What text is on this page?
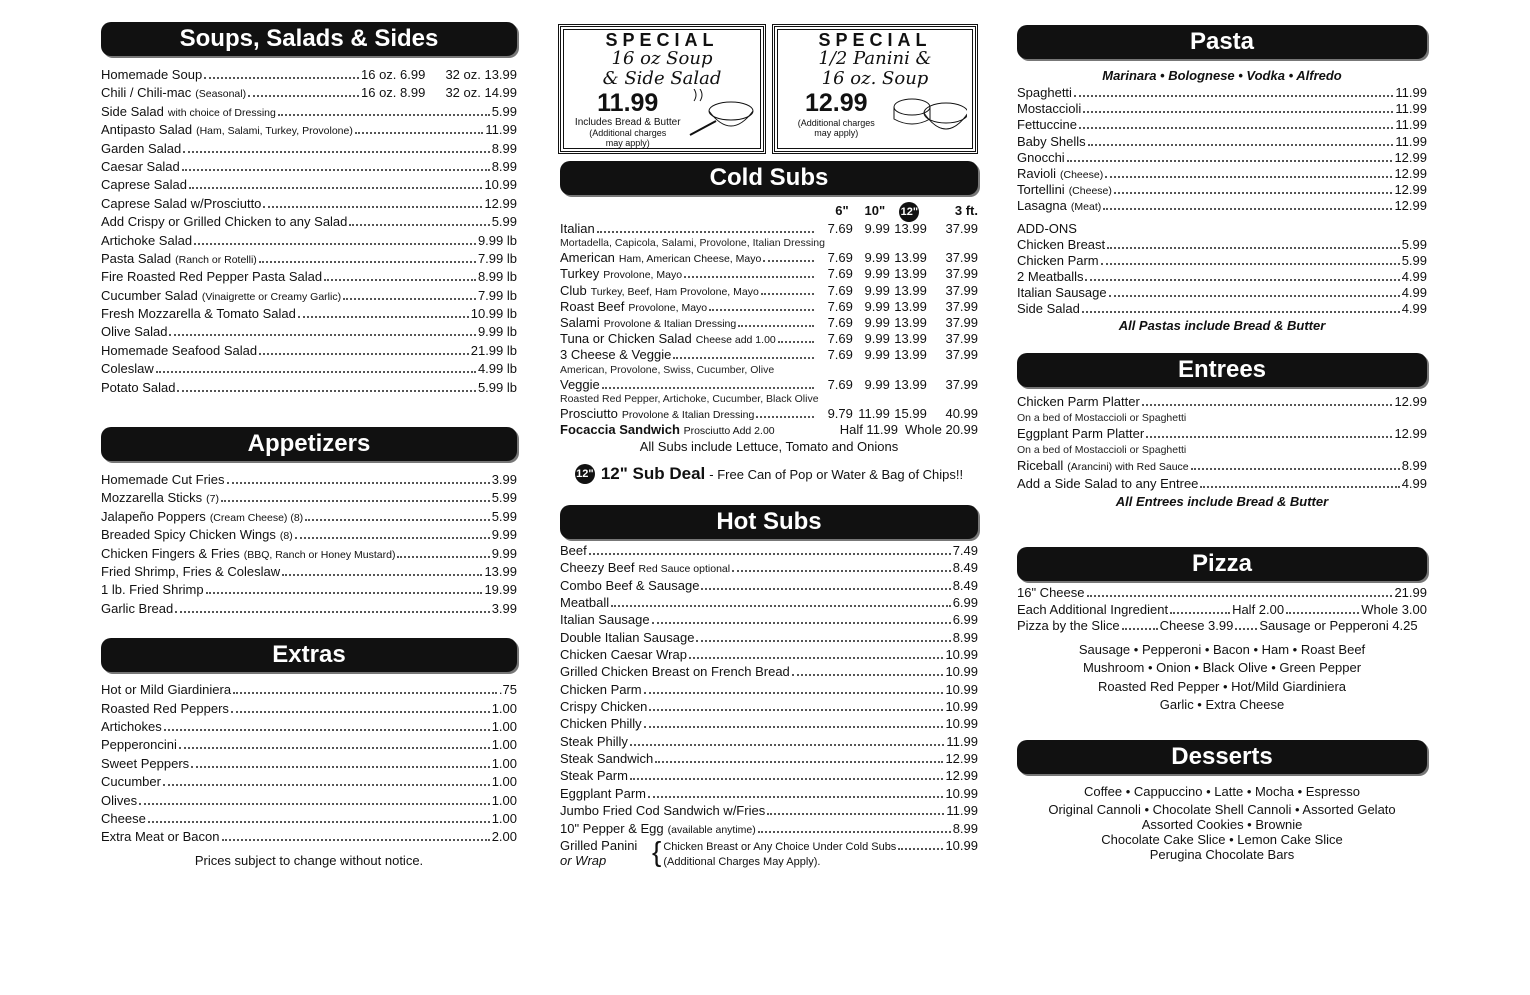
Soups, Salads & Sides
Homemade Soup	16 oz. 6.99	32 oz. 13.99
Chili / Chili-mac (Seasonal)	16 oz. 8.99	32 oz. 14.99
Side Salad with choice of Dressing	5.99
Antipasto Salad (Ham, Salami, Turkey, Provolone)	11.99
Garden Salad	8.99
Caesar Salad	8.99
Caprese Salad	10.99
Caprese Salad w/Prosciutto	12.99
Add Crispy or Grilled Chicken to any Salad	5.99
Artichoke Salad	9.99 lb
Pasta Salad (Ranch or Rotelli)	7.99 lb
Fire Roasted Red Pepper Pasta Salad	8.99 lb
Cucumber Salad (Vinaigrette or Creamy Garlic)	7.99 lb
Fresh Mozzarella & Tomato Salad	10.99 lb
Olive Salad	9.99 lb
Homemade Seafood Salad	21.99 lb
Coleslaw	4.99 lb
Potato Salad	5.99 lb
Appetizers
Homemade Cut Fries	3.99
Mozzarella Sticks (7)	5.99
Jalapeño Poppers (Cream Cheese) (8)	5.99
Breaded Spicy Chicken Wings (8)	9.99
Chicken Fingers & Fries (BBQ, Ranch or Honey Mustard)	9.99
Fried Shrimp, Fries & Coleslaw	13.99
1 lb. Fried Shrimp	19.99
Garlic Bread	3.99
Extras
Hot or Mild Giardiniera	.75
Roasted Red Peppers	1.00
Artichokes	1.00
Pepperoncini	1.00
Sweet Peppers	1.00
Cucumber	1.00
Olives	1.00
Cheese	1.00
Extra Meat or Bacon	2.00
Prices subject to change without notice.
SPECIAL
16 oz Soup
& Side Salad
11.99
Includes Bread & Butter
(Additional charges
may apply)
SPECIAL
1/2 Panini &
16 oz. Soup
12.99
(Additional charges
may apply)
Cold Subs
6"	10"	12"	3 ft.
Italian	7.69 9.99 13.99	37.99
Mortadella, Capicola, Salami, Provolone, Italian Dressing
American Ham, American Cheese, Mayo	7.69 9.99 13.99	37.99
Turkey Provolone, Mayo	7.69 9.99 13.99	37.99
Club Turkey, Beef, Ham Provolone, Mayo	7.69 9.99 13.99	37.99
Roast Beef Provolone, Mayo	7.69 9.99 13.99	37.99
Salami Provolone & Italian Dressing	7.69 9.99 13.99	37.99
Tuna or Chicken Salad Cheese add 1.00	7.69 9.99 13.99	37.99
3 Cheese & Veggie	7.69 9.99 13.99	37.99
American, Provolone, Swiss, Cucumber, Olive
Veggie	7.69 9.99 13.99	37.99
Roasted Red Pepper, Artichoke, Cucumber, Black Olive
Prosciutto Provolone & Italian Dressing	9.79 11.99 15.99	40.99
Focaccia Sandwich Prosciutto Add 2.00	Half 11.99 Whole 20.99
All Subs include Lettuce, Tomato and Onions
12" 12" Sub Deal - Free Can of Pop or Water & Bag of Chips!!
Hot Subs
Beef	7.49
Cheezy Beef Red Sauce optional	8.49
Combo Beef & Sausage	8.49
Meatball	6.99
Italian Sausage	6.99
Double Italian Sausage	8.99
Chicken Caesar Wrap	10.99
Grilled Chicken Breast on French Bread	10.99
Chicken Parm	10.99
Crispy Chicken	10.99
Chicken Philly	10.99
Steak Philly	11.99
Steak Sandwich	12.99
Steak Parm	12.99
Eggplant Parm	10.99
Jumbo Fried Cod Sandwich w/Fries	11.99
10" Pepper & Egg (available anytime)	8.99
Grilled Panini
or Wrap	{ Chicken Breast or Any Choice Under Cold Subs	10.99
(Additional Charges May Apply).
Pasta
Marinara • Bolognese • Vodka • Alfredo
Spaghetti	11.99
Mostaccioli	11.99
Fettuccine	11.99
Baby Shells	11.99
Gnocchi	12.99
Ravioli (Cheese)	12.99
Tortellini (Cheese)	12.99
Lasagna (Meat)	12.99
ADD-ONS
Chicken Breast	5.99
Chicken Parm	5.99
2 Meatballs	4.99
Italian Sausage	4.99
Side Salad	4.99
All Pastas include Bread & Butter
Entrees
Chicken Parm Platter	12.99
On a bed of Mostaccioli or Spaghetti
Eggplant Parm Platter	12.99
On a bed of Mostaccioli or Spaghetti
Riceball (Arancini) with Red Sauce	8.99
Add a Side Salad to any Entree	4.99
All Entrees include Bread & Butter
Pizza
16" Cheese	21.99
Each Additional Ingredient	Half 2.00	Whole 3.00
Pizza by the Slice	Cheese 3.99 Sausage or Pepperoni 4.25
Sausage • Pepperoni • Bacon • Ham • Roast Beef
Mushroom • Onion • Black Olive • Green Pepper
Roasted Red Pepper • Hot/Mild Giardiniera
Garlic • Extra Cheese
Desserts
Coffee • Cappuccino • Latte • Mocha • Espresso
Original Cannoli • Chocolate Shell Cannoli • Assorted Gelato
Assorted Cookies • Brownie
Chocolate Cake Slice • Lemon Cake Slice
Perugina Chocolate Bars
